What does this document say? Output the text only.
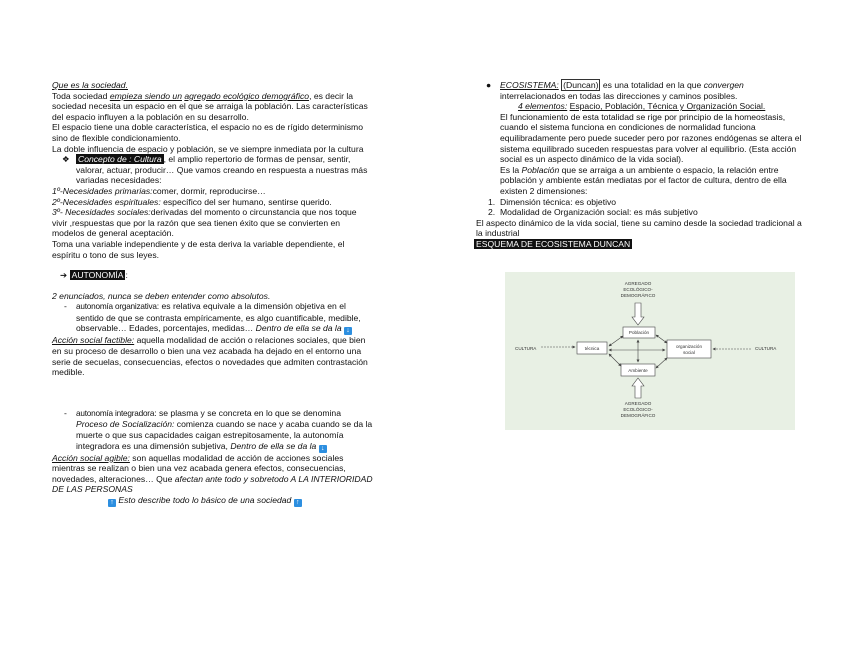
Que es la sociedad.

Toda sociedad empieza siendo un agregado ecológico demográfico, es decir la sociedad necesita un espacio en el que se arraiga la población. Las características del espacio influyen a la población en su desarrollo.

El espacio tiene una doble característica, el espacio no es de rígido determinismo sino de flexible condicionamiento.

La doble influencia de espacio y población, se ve siempre inmediata por la cultura

❖ Concepto de : Cultura , el amplio repertorio de formas de pensar, sentir, valorar, actuar, producir… Que vamos creando en respuesta a nuestras más variadas necesidades:

1º-Necesidades primarias:comer, dormir, reproducirse…

2º-Necesidades espirituales: específico del ser humano, sentirse querido.

3º- Necesidades sociales:derivadas del momento o circunstancia que nos toque vivir ,respuestas que por la razón que sea tienen éxito que se convierten en modelos de general aceptación.

Toma una variable independiente y de esta deriva la variable dependiente, el espíritu o tono de sus leyes.

➔ AUTONOMÍA :

2 enunciados, nunca se deben entender como absolutos.

- autonomía organizativa: es relativa equivale a la dimensión objetiva en el sentido de que se contrasta empíricamente, es algo cuantificable, medible, observable… Edades, porcentajes, medidas… Dentro de ella se da la ↓

Acción social factible: aquella modalidad de acción o relaciones sociales, que bien en su proceso de desarrollo o bien una vez acabada ha dejado en el entorno una serie de secuelas, consecuencias, efectos o novedades que admiten contrastación medible.

- autonomía integradora: se plasma y se concreta en lo que se denomina Proceso de Socialización: comienza cuando se nace y acaba cuando se da la muerte o que sus capacidades caigan estrepitosamente, la autonomía integradora es una dimensión subjetiva, Dentro de ella se da la ↓

Acción social agible: son aquellas modalidad de acción de acciones sociales mientras se realizan o bien una vez acabada genera efectos, consecuencias, novedades, alteraciones… Que afectan ante todo y sobretodo A LA INTERIORIDAD DE LAS PERSONAS

↑ Esto describe todo lo básico de una sociedad ↑

● ECOSISTEMA: (Duncan) es una totalidad en la que convergen interrelacionados en todas las direcciones y caminos posibles.

4 elementos: Espacio, Población, Técnica y Organización Social.

El funcionamiento de esta totalidad se rige por principio de la homeostasis, cuando el sistema funciona en condiciones de normalidad funciona equilibradamente pero puede suceder pero por razones endógenas se altera el sistema equilibrado suceden respuestas para volver al equilibrio. (Esta acción social es un aspecto dinámico de la vida social).

Es la Población que se arraiga a un ambiente o espacio, la relación entre población y ambiente están mediatas por el factor de cultura, dentro de ella existen 2 dimensiones:

1. Dimensión técnica: es objetivo

2. Modalidad de Organización social: es más subjetivo

El aspecto dinámico de la vida social, tiene su camino desde la sociedad tradicional a la industrial

ESQUEMA DE ECOSISTEMA DUNCAN

AGREGADO
ECOLÓGICO-
DEMOGRÁFICO
Población
técnica	organización
social
Ambiente
CULTURA	CULTURA
AGREGADO
ECOLÓGICO-
DEMOGRÁFICO
